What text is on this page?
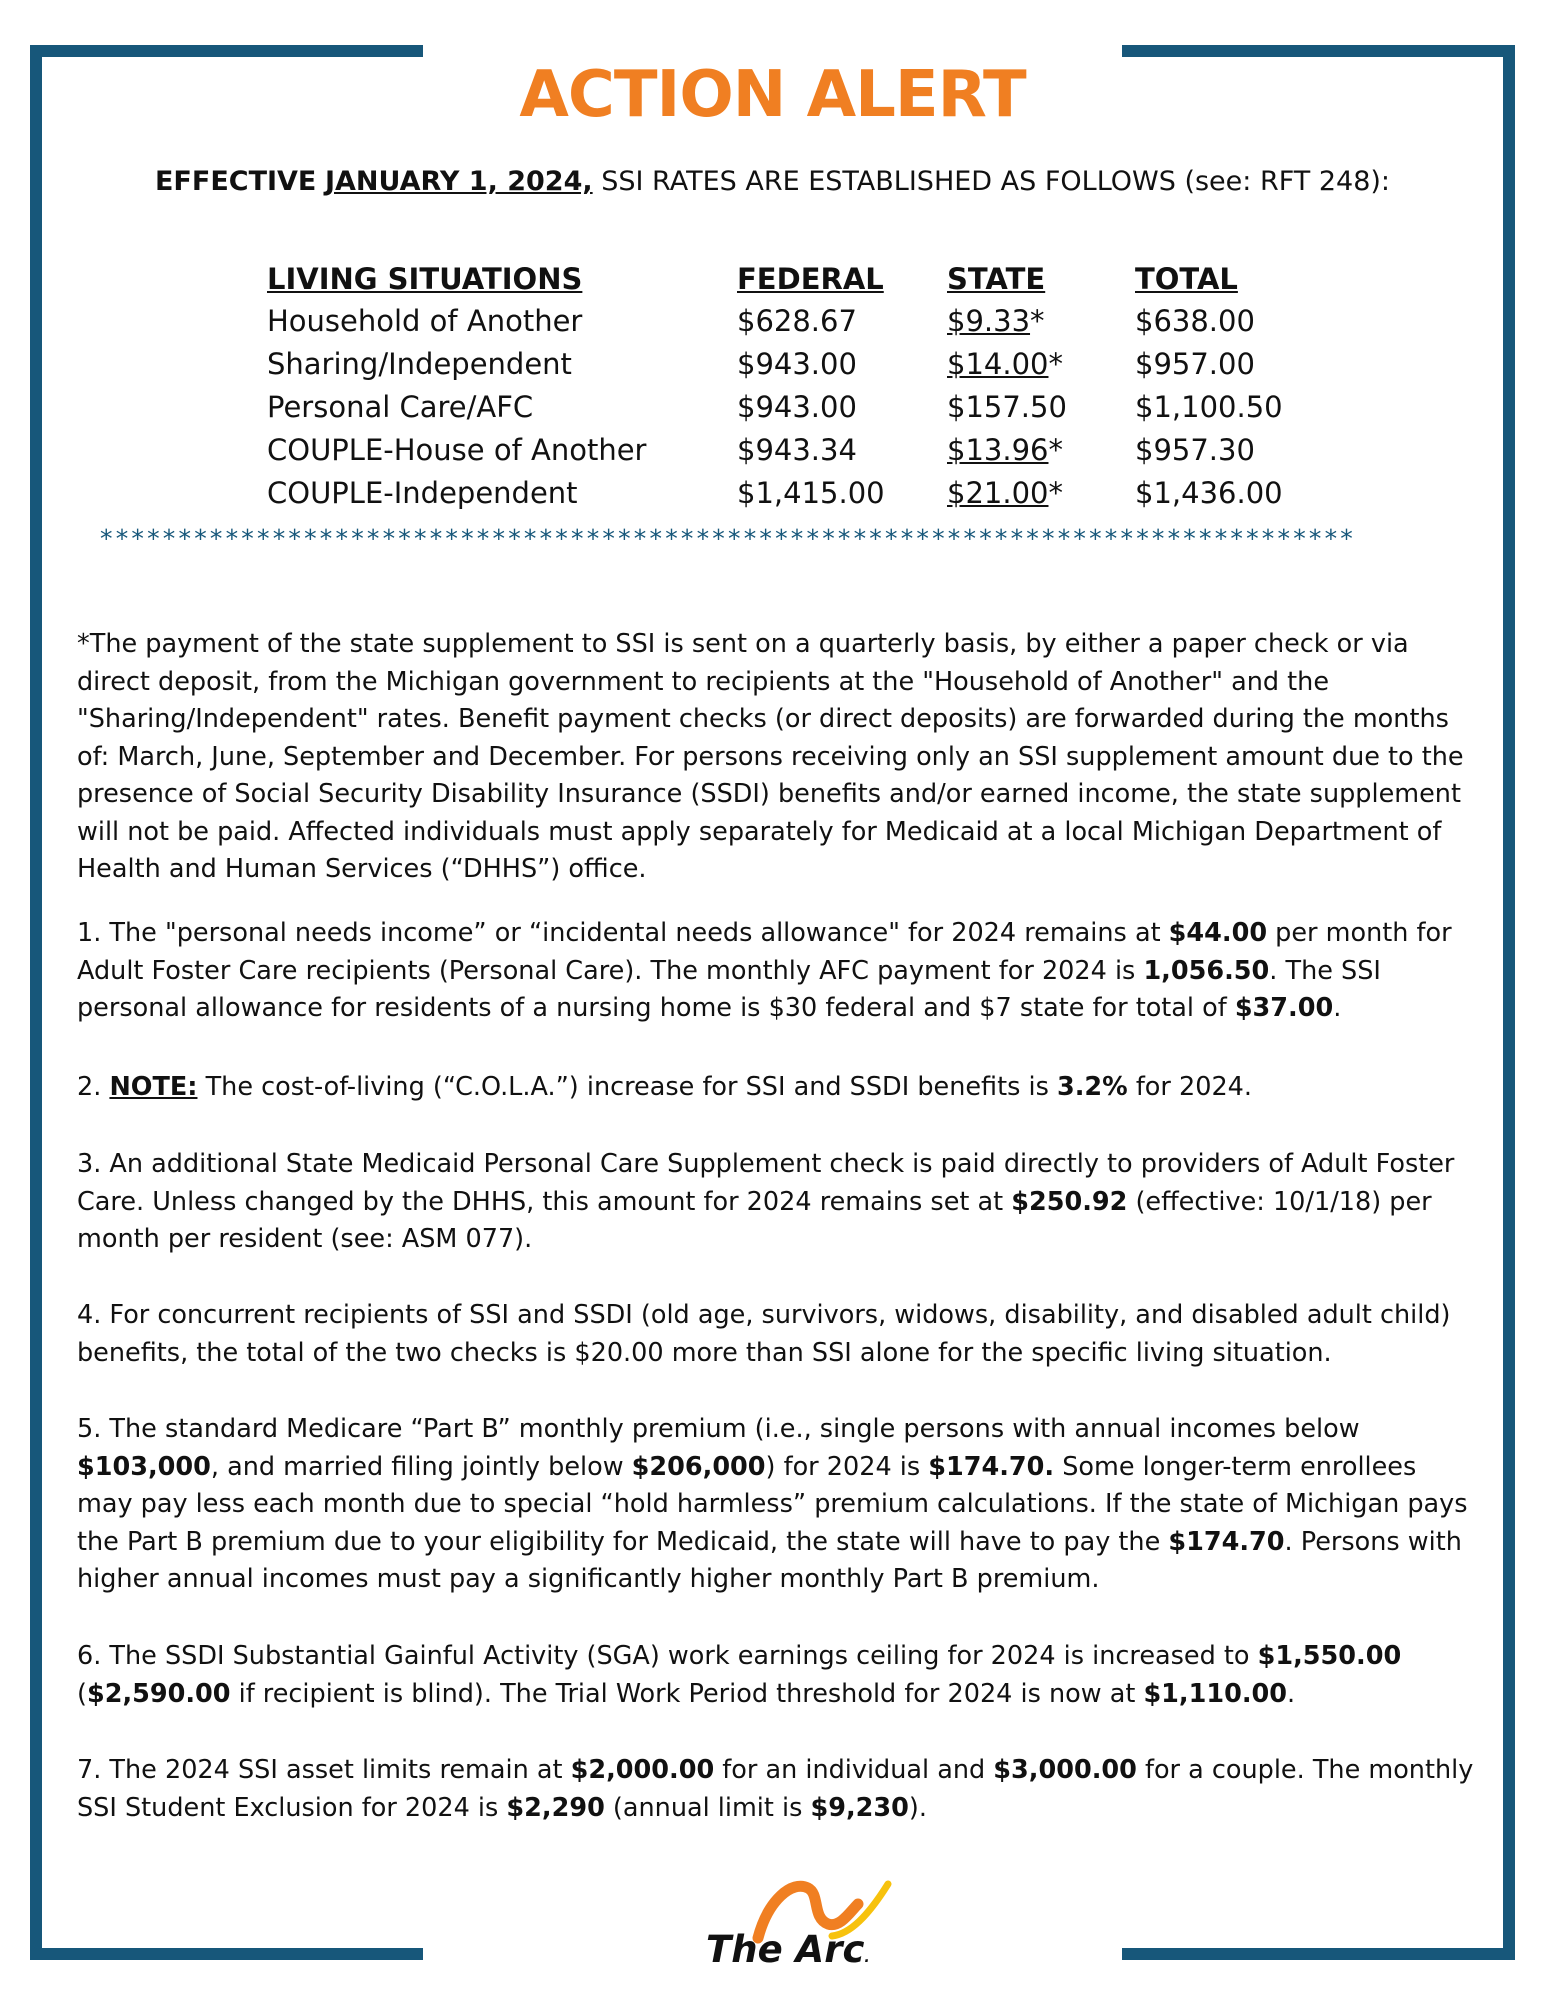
ACTION ALERT

EFFECTIVE JANUARY 1, 2024, SSI RATES ARE ESTABLISHED AS FOLLOWS (see: RFT 248):

LIVING SITUATIONS	FEDERAL	STATE	TOTAL
Household of Another	$628.67	$9.33*	$638.00
Sharing/Independent	$943.00	$14.00*	$957.00
Personal Care/AFC	$943.00	$157.50	$1,100.50
COUPLE-House of Another	$943.34	$13.96*	$957.30
COUPLE-Independent	$1,415.00	$21.00*	$1,436.00
********************************************************************************

*The payment of the state supplement to SSI is sent on a quarterly basis, by either a paper check or via direct deposit, from the Michigan government to recipients at the "Household of Another" and the "Sharing/Independent" rates. Benefit payment checks (or direct deposits) are forwarded during the months of: March, June, September and December. For persons receiving only an SSI supplement amount due to the presence of Social Security Disability Insurance (SSDI) benefits and/or earned income, the state supplement will not be paid. Affected individuals must apply separately for Medicaid at a local Michigan Department of Health and Human Services (“DHHS”) office.

1. The "personal needs income” or “incidental needs allowance" for 2024 remains at $44.00 per month for Adult Foster Care recipients (Personal Care). The monthly AFC payment for 2024 is 1,056.50. The SSI personal allowance for residents of a nursing home is $30 federal and $7 state for total of $37.00.

2. NOTE: The cost-of-living (“C.O.L.A.”) increase for SSI and SSDI benefits is 3.2% for 2024.

3. An additional State Medicaid Personal Care Supplement check is paid directly to providers of Adult Foster Care. Unless changed by the DHHS, this amount for 2024 remains set at $250.92 (effective: 10/1/18) per month per resident (see: ASM 077).

4. For concurrent recipients of SSI and SSDI (old age, survivors, widows, disability, and disabled adult child) benefits, the total of the two checks is $20.00 more than SSI alone for the specific living situation.

5. The standard Medicare “Part B” monthly premium (i.e., single persons with annual incomes below $103,000, and married filing jointly below $206,000) for 2024 is $174.70. Some longer-term enrollees may pay less each month due to special “hold harmless” premium calculations. If the state of Michigan pays the Part B premium due to your eligibility for Medicaid, the state will have to pay the $174.70. Persons with higher annual incomes must pay a significantly higher monthly Part B premium.

6. The SSDI Substantial Gainful Activity (SGA) work earnings ceiling for 2024 is increased to $1,550.00 ($2,590.00 if recipient is blind). The Trial Work Period threshold for 2024 is now at $1,110.00.

7. The 2024 SSI asset limits remain at $2,000.00 for an individual and $3,000.00 for a couple. The monthly SSI Student Exclusion for 2024 is $2,290 (annual limit is $9,230).

The Arc.
